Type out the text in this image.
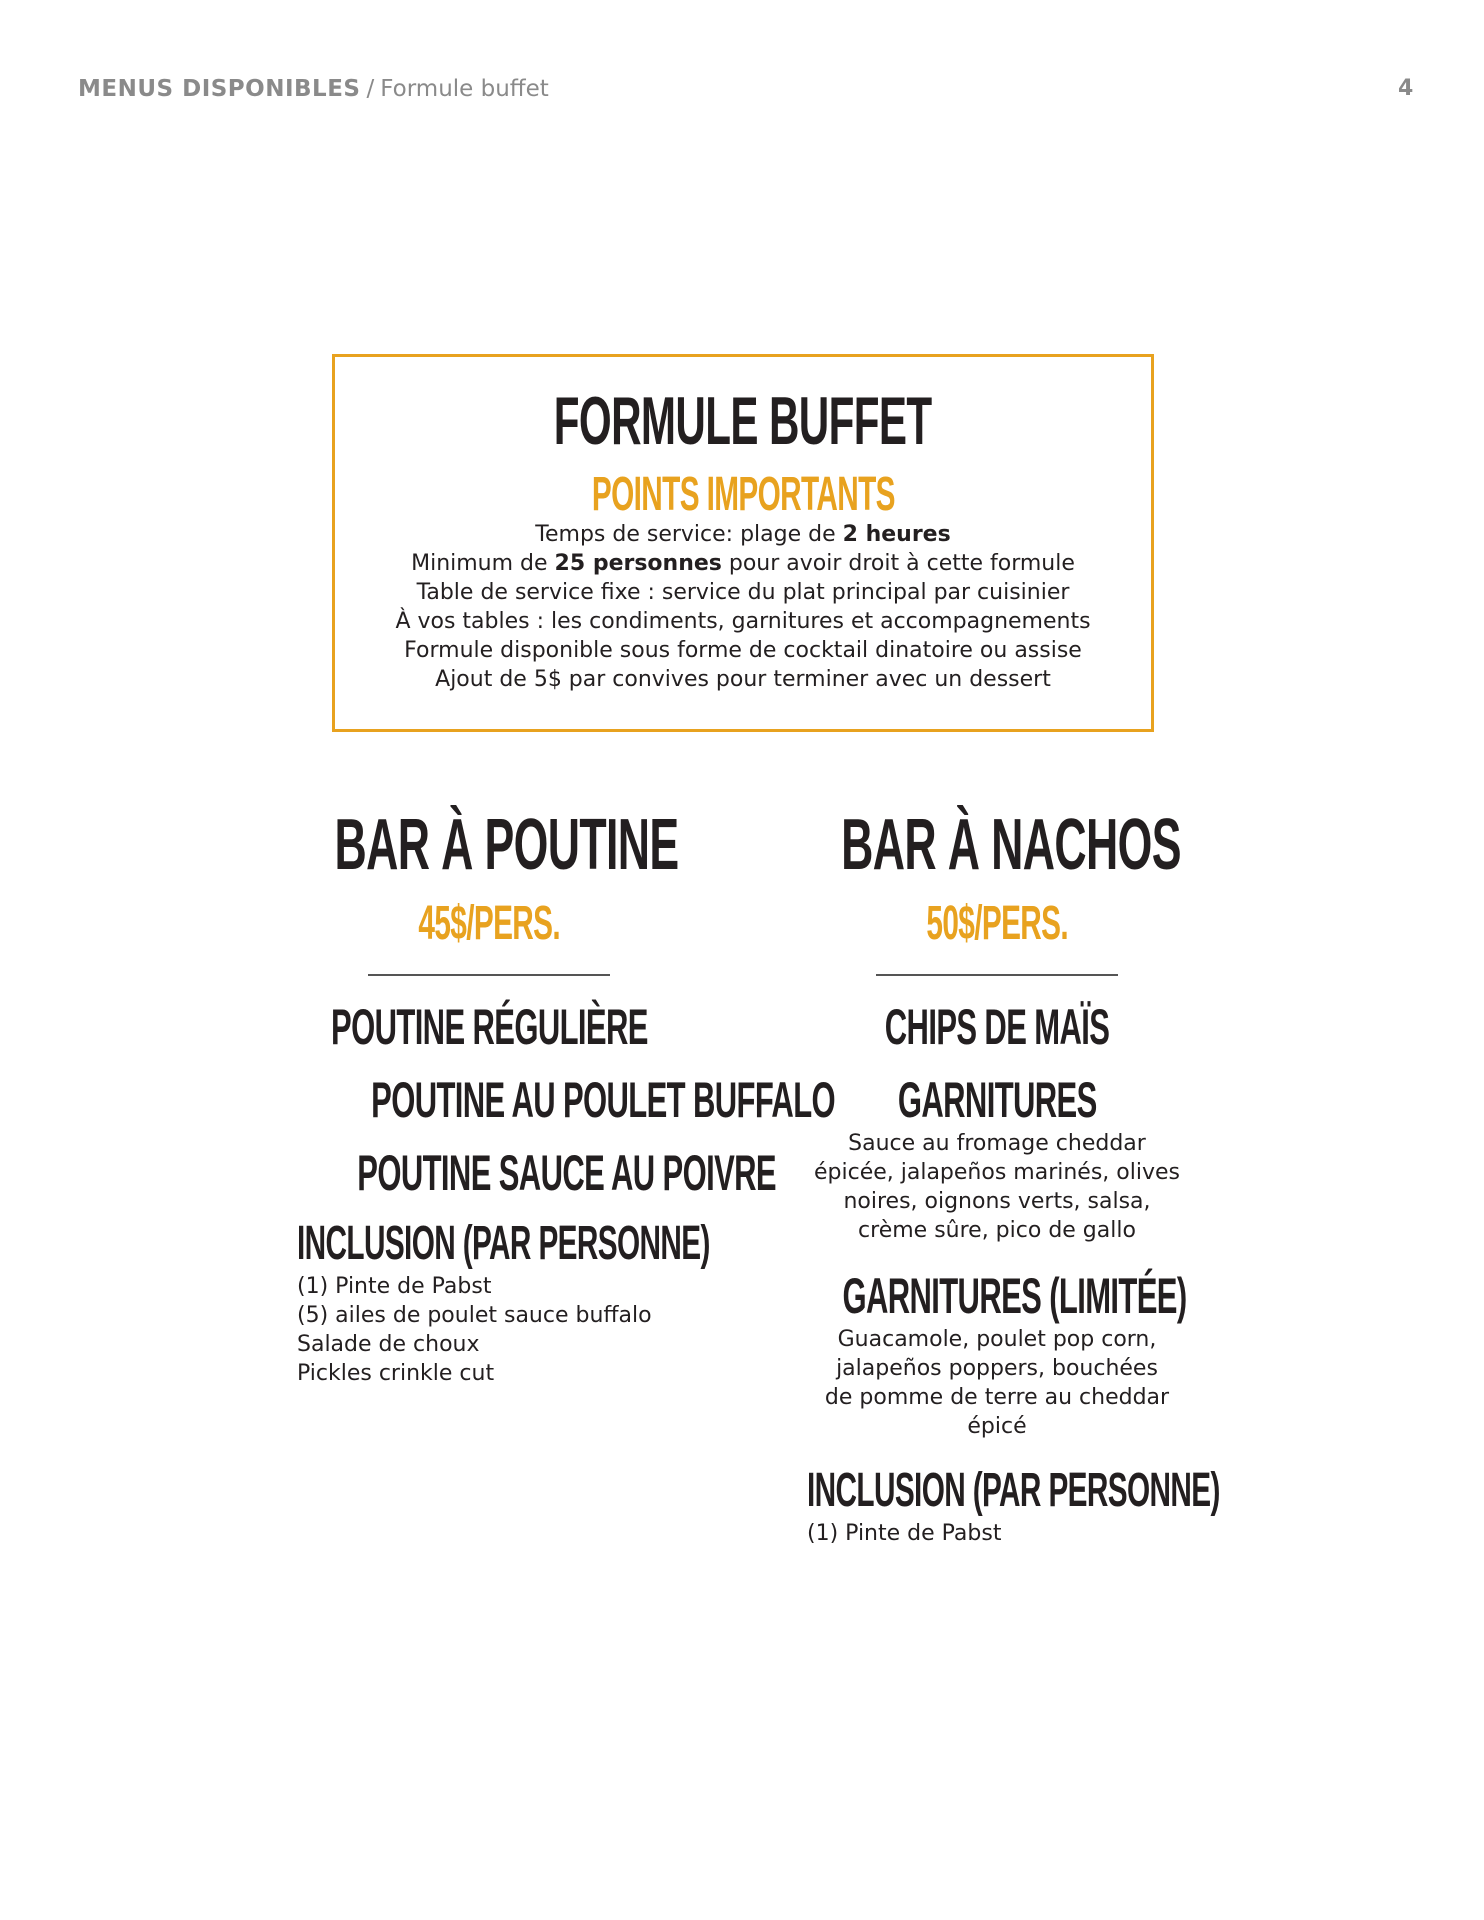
MENUS DISPONIBLES / Formule buffet	4
FORMULE BUFFET
POINTS IMPORTANTS
Temps de service: plage de 2 heures
Minimum de 25 personnes pour avoir droit à cette formule
Table de service fixe : service du plat principal par cuisinier
À vos tables : les condiments, garnitures et accompagnements
Formule disponible sous forme de cocktail dinatoire ou assise
Ajout de 5$ par convives pour terminer avec un dessert
BAR À POUTINE
45$/PERS.
POUTINE RÉGULIÈRE
POUTINE AU POULET BUFFALO
POUTINE SAUCE AU POIVRE
INCLUSION (PAR PERSONNE)
(1) Pinte de Pabst
(5) ailes de poulet sauce buffalo
Salade de choux
Pickles crinkle cut
BAR À NACHOS
50$/PERS.
CHIPS DE MAÏS
GARNITURES
Sauce au fromage cheddar
épicée, jalapeños marinés, olives
noires, oignons verts, salsa,
crème sûre, pico de gallo
GARNITURES (LIMITÉE)
Guacamole, poulet pop corn,
jalapeños poppers, bouchées
de pomme de terre au cheddar
épicé
INCLUSION (PAR PERSONNE)
(1) Pinte de Pabst
